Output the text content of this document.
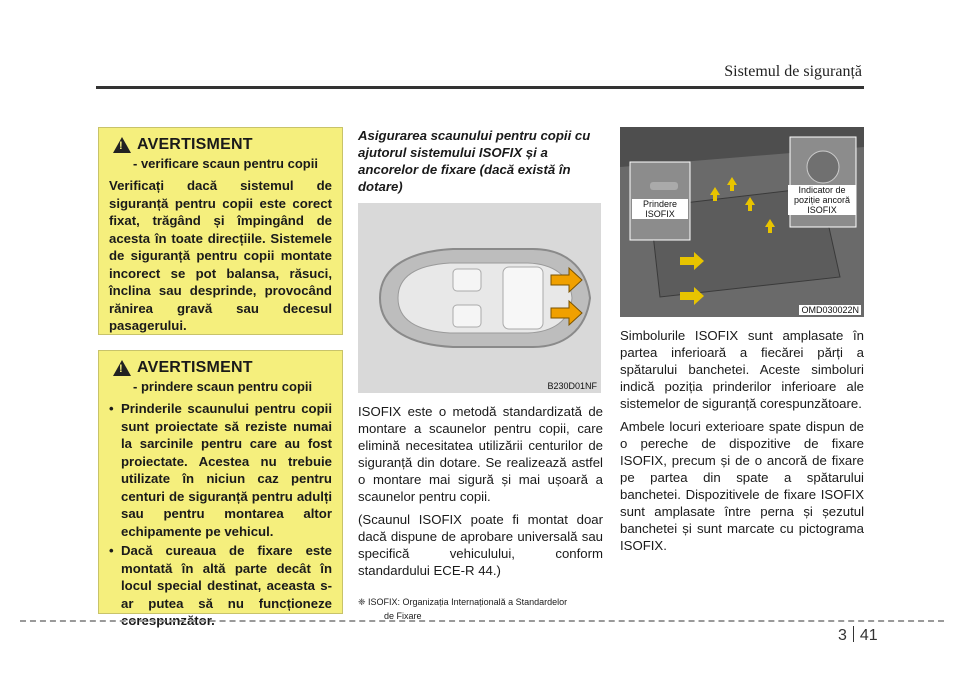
Sistemul de siguranță
! AVERTISMENT
- verificare scaun pentru copii
Verificați dacă sistemul de siguranță pentru copii este corect fixat, trăgând și împingând de acesta în toate direcțiile. Sistemele de siguranță pentru copii montate incorect se pot balansa, răsuci, înclina sau desprinde, provocând rănirea gravă sau decesul pasagerului.
! AVERTISMENT
- prindere scaun pentru copii
• Prinderile scaunului pentru copii sunt proiectate să reziste numai la sarcinile pentru care au fost proiectate. Acestea nu trebuie utilizate în niciun caz pentru centuri de siguranță pentru adulți sau pentru montarea altor echipamente pe vehicul.
• Dacă cureaua de fixare este montată în altă parte decât în locul special destinat, aceasta s-ar putea să nu funcționeze corespunzător.
Asigurarea scaunului pentru copii cu ajutorul sistemului ISOFIX și a ancorelor de fixare (dacă există în dotare)
B230D01NF

ISOFIX este o metodă standardizată de montare a scaunelor pentru copii, care elimină necesitatea utilizării centurilor de siguranță din dotare. Se realizează astfel o montare mai sigură și mai ușoară a scaunelor pentru copii.

(Scaunul ISOFIX poate fi montat doar dacă dispune de aprobare universală sau specifică vehiculului, conform standardului ECE-R 44.)

❈ ISOFIX: Organizația Internațională a Standardelor
de Fixare
Prindere ISOFIX
Indicator de poziție ancoră ISOFIX
OMD030022N

Simbolurile ISOFIX sunt amplasate în partea inferioară a fiecărei părți a spătarului banchetei. Aceste simboluri indică poziția prinderilor inferioare ale sistemelor de siguranță corespunzătoare.

Ambele locuri exterioare spate dispun de o pereche de dispozitive de fixare ISOFIX, precum și de o ancoră de fixare pe partea din spate a spătarului banchetei. Dispozitivele de fixare ISOFIX sunt amplasate între perna și șezutul banchetei și sunt marcate cu pictograma ISOFIX.

3 41
